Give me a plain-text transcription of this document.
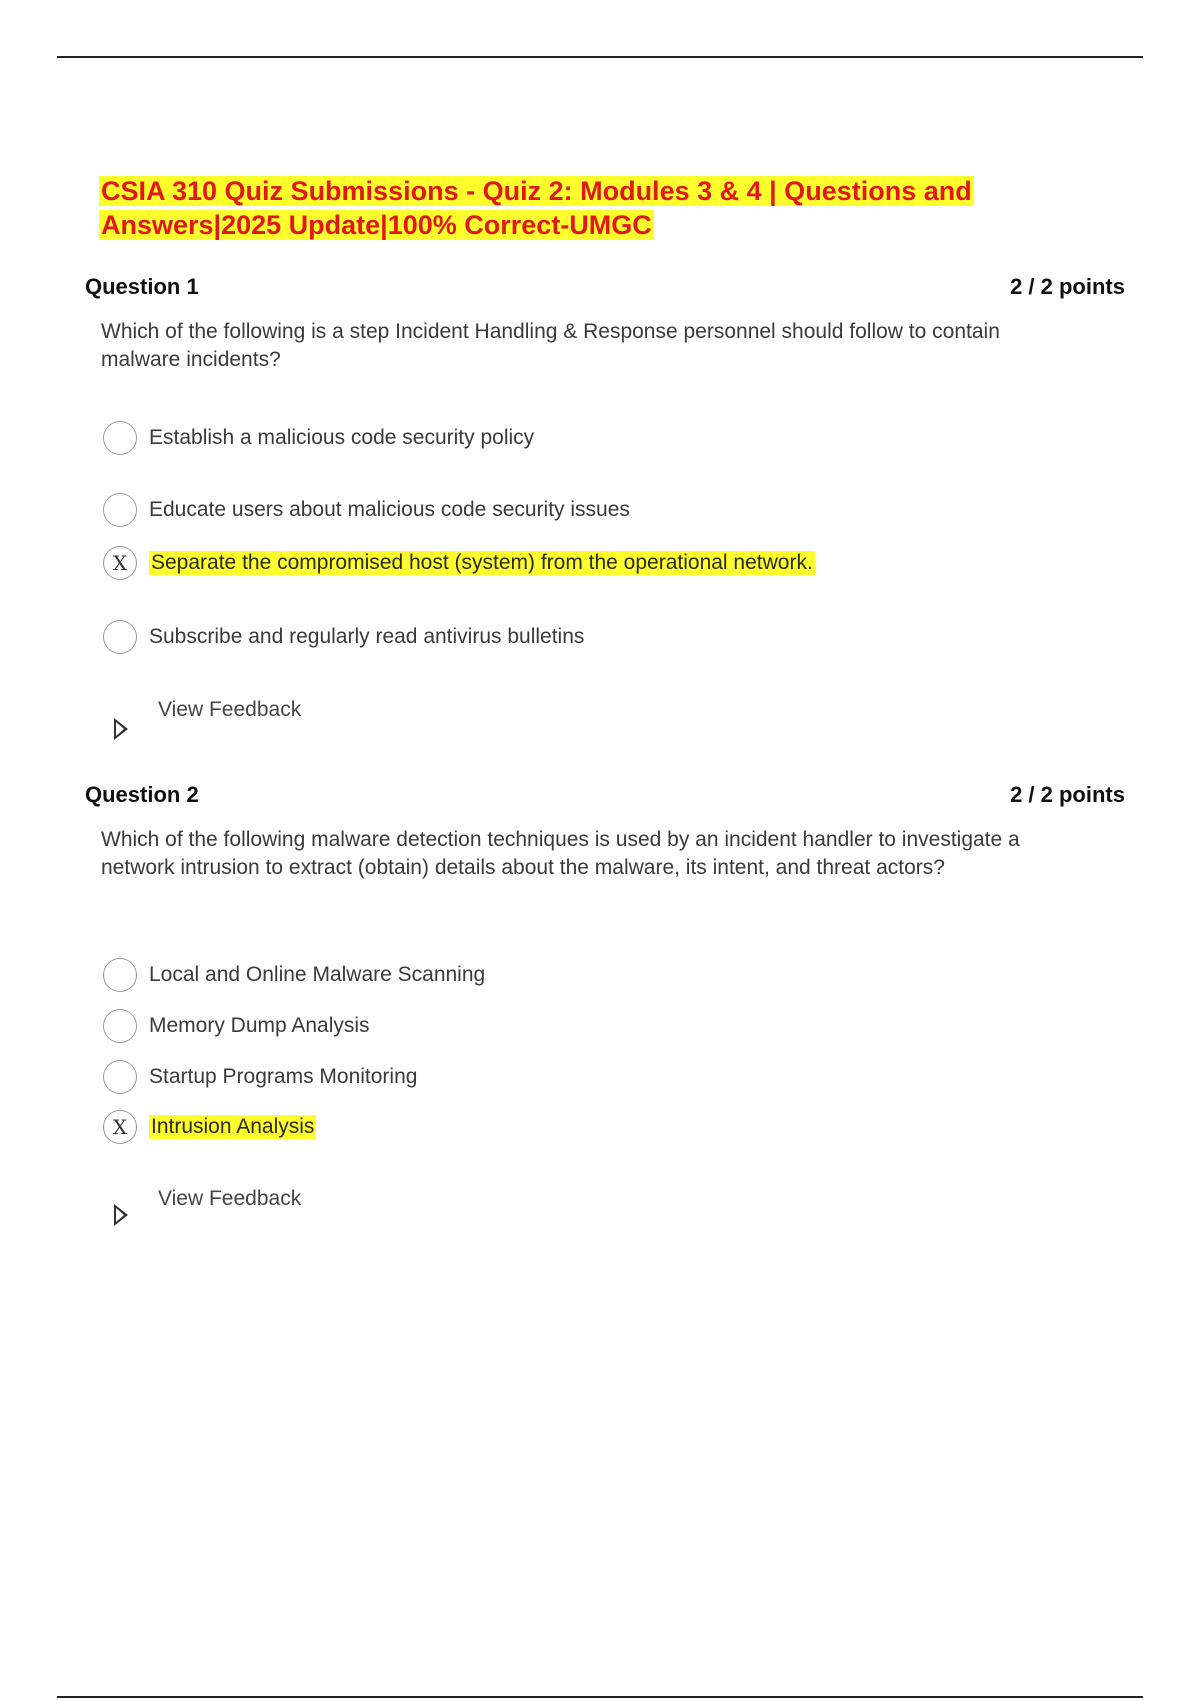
CSIA 310 Quiz Submissions - Quiz 2: Modules 3 & 4 | Questions and Answers|2025 Update|100% Correct-UMGC
Question 1	2 / 2 points

Which of the following is a step Incident Handling & Response personnel should follow to contain malware incidents?

Establish a malicious code security policy
Educate users about malicious code security issues
X	Separate the compromised host (system) from the operational network.
Subscribe and regularly read antivirus bulletins
View Feedback
Question 2	2 / 2 points

Which of the following malware detection techniques is used by an incident handler to investigate a network intrusion to extract (obtain) details about the malware, its intent, and threat actors?

Local and Online Malware Scanning
Memory Dump Analysis
Startup Programs Monitoring
X	Intrusion Analysis
View Feedback
